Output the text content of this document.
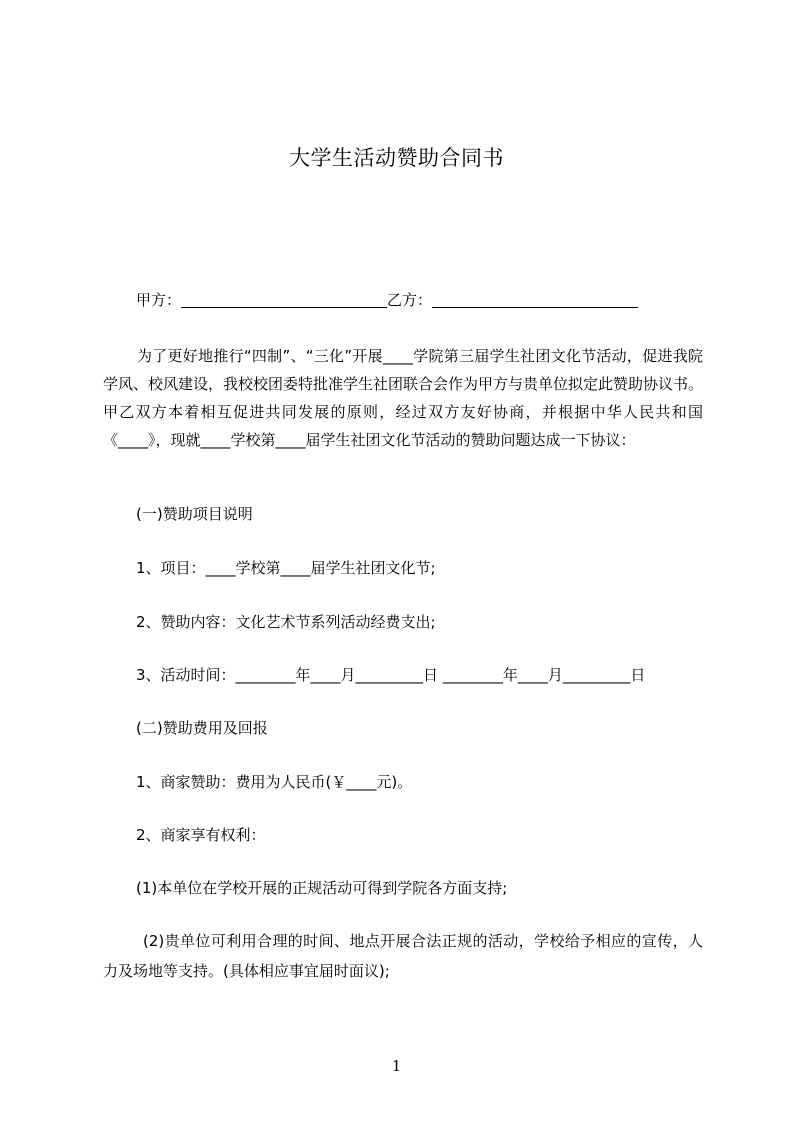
大学生活动赞助合同书
甲方：	乙方：
为了更好地推行“四制”、“三化”开展____学院第三届学生社团文化节活动，促进我院学风、校风建设，我校校团委特批准学生社团联合会作为甲方与贵单位拟定此赞助协议书。甲乙双方本着相互促进共同发展的原则，经过双方友好协商，并根据中华人民共和国《____》，现就____学校第____届学生社团文化节活动的赞助问题达成一下协议：
(一)赞助项目说明
1、项目：____学校第____届学生社团文化节;
2、赞助内容：文化艺术节系列活动经费支出;
3、活动时间：________年____月_________日 ________年____月_________日
(二)赞助费用及回报
1、商家赞助：费用为人民币(￥____元)。
2、商家享有权利：
(1)本单位在学校开展的正规活动可得到学院各方面支持;
(2)贵单位可利用合理的时间、地点开展合法正规的活动，学校给予相应的宣传，人力及场地等支持。(具体相应事宜届时面议);
1
